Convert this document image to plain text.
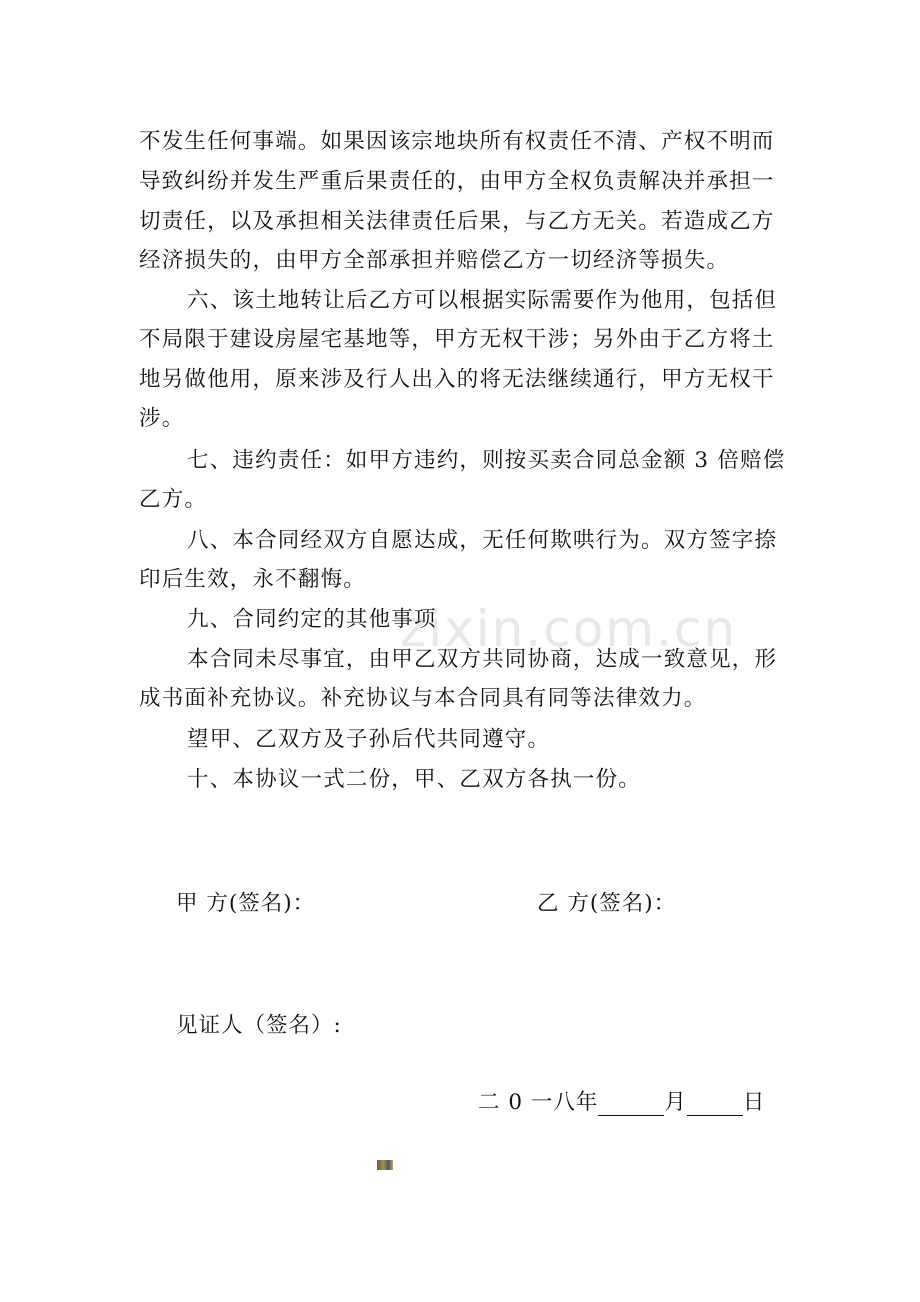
不发生任何事端。如果因该宗地块所有权责任不清、产权不明而
导致纠纷并发生严重后果责任的，由甲方全权负责解决并承担一
切责任，以及承担相关法律责任后果，与乙方无关。若造成乙方
经济损失的，由甲方全部承担并赔偿乙方一切经济等损失。
六、该土地转让后乙方可以根据实际需要作为他用，包括但
不局限于建设房屋宅基地等，甲方无权干涉；另外由于乙方将土
地另做他用，原来涉及行人出入的将无法继续通行，甲方无权干
涉。
七、违约责任：如甲方违约，则按买卖合同总金额 3 倍赔偿
乙方。
八、本合同经双方自愿达成，无任何欺哄行为。双方签字捺
印后生效，永不翻悔。
九、合同约定的其他事项
本合同未尽事宜，由甲乙双方共同协商，达成一致意见，形
成书面补充协议。补充协议与本合同具有同等法律效力。
望甲、乙双方及子孙后代共同遵守。
十、本协议一式二份，甲、乙双方各执一份。
甲 方(签名)：	乙 方(签名)：
见证人（签名）:
二 0 一八年	月	日
zixin.com.cn
